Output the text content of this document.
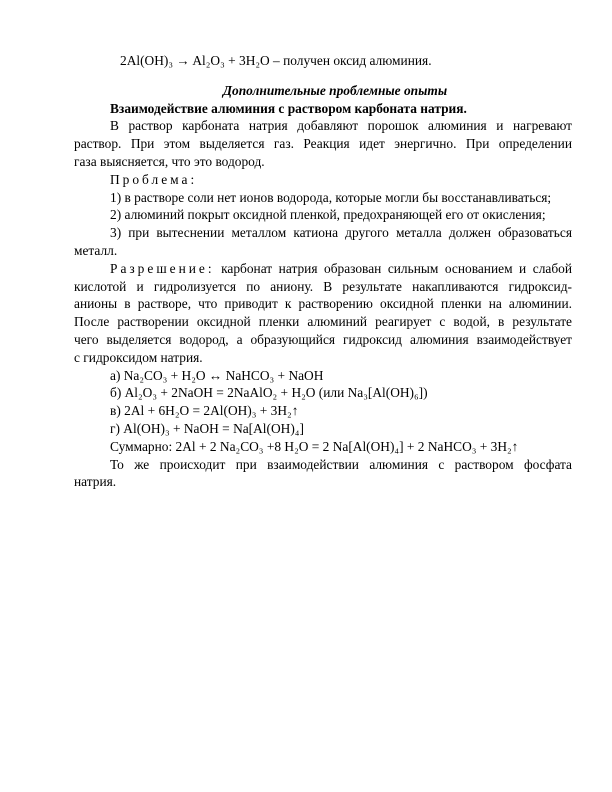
2Al(OH)₃ → Al₂O₃ + 3H₂O – получен оксид алюминия.
Дополнительные проблемные опыты
Взаимодействие алюминия с раствором карбоната натрия.
В раствор карбоната натрия добавляют порошок алюминия и нагревают
раствор. При этом выделяется газ. Реакция идет энергично. При определении
газа выясняется, что это водород.
Проблема:
1) в растворе соли нет ионов водорода, которые могли бы восстанавливаться;
2) алюминий покрыт оксидной пленкой, предохраняющей его от окисления;
3) при вытеснении металлом катиона другого металла должен образоваться
металл.
Разрешение: карбонат натрия образован сильным основанием и слабой
кислотой и гидролизуется по аниону. В результате накапливаются гидроксид-
анионы в растворе, что приводит к растворению оксидной пленки на алюминии.
После растворении оксидной пленки алюминий реагирует с водой, в результате
чего выделяется водород, а образующийся гидроксид алюминия взаимодействует
с гидроксидом натрия.
а) Na₂CO₃ + H₂O ↔ NaHCO₃ + NaOH
б) Al₂O₃ + 2NaOH = 2NaAlO₂ + H₂O (или Na₃[Al(OH)₆])
в) 2Al + 6H₂O = 2Al(OH)₃ + 3H₂↑
г) Al(OH)₃ + NaOH = Na[Al(OH)₄]
Суммарно: 2Al + 2 Na₂CO₃ +8 H₂O = 2 Na[Al(OH)₄] + 2 NaHCO₃ + 3H₂↑
То же происходит при взаимодействии алюминия с раствором фосфата
натрия.
